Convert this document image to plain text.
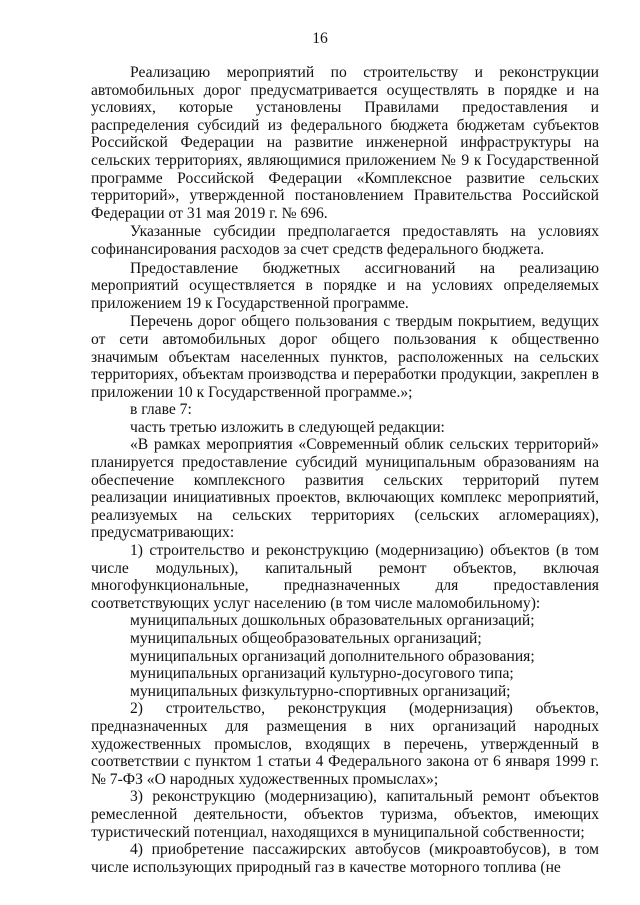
16

Реализацию мероприятий по строительству и реконструкции автомобильных дорог предусматривается осуществлять в порядке и на условиях, которые установлены Правилами предоставления и распределения субсидий из федерального бюджета бюджетам субъектов Российской Федерации на развитие инженерной инфраструктуры на сельских территориях, являющимися приложением № 9 к Государственной программе Российской Федерации «Комплексное развитие сельских территорий», утвержденной постановлением Правительства Российской Федерации от 31 мая 2019 г. № 696.

Указанные субсидии предполагается предоставлять на условиях софинансирования расходов за счет средств федерального бюджета.

Предоставление бюджетных ассигнований на реализацию мероприятий осуществляется в порядке и на условиях определяемых приложением 19 к Государственной программе.

Перечень дорог общего пользования с твердым покрытием, ведущих от сети автомобильных дорог общего пользования к общественно значимым объектам населенных пунктов, расположенных на сельских территориях, объектам производства и переработки продукции, закреплен в приложении 10 к Государственной программе.»;

в главе 7:

часть третью изложить в следующей редакции:

«В рамках мероприятия «Современный облик сельских территорий» планируется предоставление субсидий муниципальным образованиям на обеспечение комплексного развития сельских территорий путем реализации инициативных проектов, включающих комплекс мероприятий, реализуемых на сельских территориях (сельских агломерациях), предусматривающих:

1) строительство и реконструкцию (модернизацию) объектов (в том числе модульных), капитальный ремонт объектов, включая многофункциональные, предназначенных для предоставления соответствующих услуг населению (в том числе маломобильному):

муниципальных дошкольных образовательных организаций;

муниципальных общеобразовательных организаций;

муниципальных организаций дополнительного образования;

муниципальных организаций культурно-досугового типа;

муниципальных физкультурно-спортивных организаций;

2) строительство, реконструкция (модернизация) объектов, предназначенных для размещения в них организаций народных художественных промыслов, входящих в перечень, утвержденный в соответствии с пунктом 1 статьи 4 Федерального закона от 6 января 1999 г. № 7-ФЗ «О народных художественных промыслах»;

3) реконструкцию (модернизацию), капитальный ремонт объектов ремесленной деятельности, объектов туризма, объектов, имеющих туристический потенциал, находящихся в муниципальной собственности;

4) приобретение пассажирских автобусов (микроавтобусов), в том числе использующих природный газ в качестве моторного топлива (не
